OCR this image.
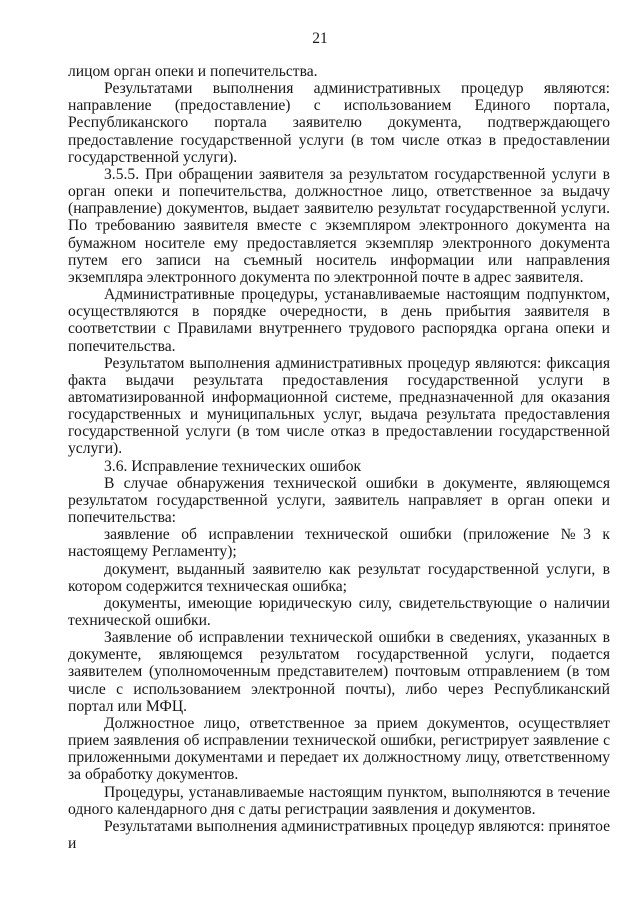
21

лицом орган опеки и попечительства.

Результатами выполнения административных процедур являются: направление (предоставление) с использованием Единого портала, Республиканского портала заявителю документа, подтверждающего предоставление государственной услуги (в том числе отказ в предоставлении государственной услуги).

3.5.5. При обращении заявителя за результатом государственной услуги в орган опеки и попечительства, должностное лицо, ответственное за выдачу (направление) документов, выдает заявителю результат государственной услуги. По требованию заявителя вместе с экземпляром электронного документа на бумажном носителе ему предоставляется экземпляр электронного документа путем его записи на съемный носитель информации или направления экземпляра электронного документа по электронной почте в адрес заявителя.

Административные процедуры, устанавливаемые настоящим подпунктом, осуществляются в порядке очередности, в день прибытия заявителя в соответствии с Правилами внутреннего трудового распорядка органа опеки и попечительства.

Результатом выполнения административных процедур являются: фиксация факта выдачи результата предоставления государственной услуги в автоматизированной информационной системе, предназначенной для оказания государственных и муниципальных услуг, выдача результата предоставления государственной услуги (в том числе отказ в предоставлении государственной услуги).

3.6. Исправление технических ошибок

В случае обнаружения технической ошибки в документе, являющемся результатом государственной услуги, заявитель направляет в орган опеки и попечительства:

заявление об исправлении технической ошибки (приложение №3 к настоящему Регламенту);

документ, выданный заявителю как результат государственной услуги, в котором содержится техническая ошибка;

документы, имеющие юридическую силу, свидетельствующие о наличии технической ошибки.

Заявление об исправлении технической ошибки в сведениях, указанных в документе, являющемся результатом государственной услуги, подается заявителем (уполномоченным представителем) почтовым отправлением (в том числе с использованием электронной почты), либо через Республиканский портал или МФЦ.

Должностное лицо, ответственное за прием документов, осуществляет прием заявления об исправлении технической ошибки, регистрирует заявление с приложенными документами и передает их должностному лицу, ответственному за обработку документов.

Процедуры, устанавливаемые настоящим пунктом, выполняются в течение одного календарного дня с даты регистрации заявления и документов.

Результатами выполнения административных процедур являются: принятое и
